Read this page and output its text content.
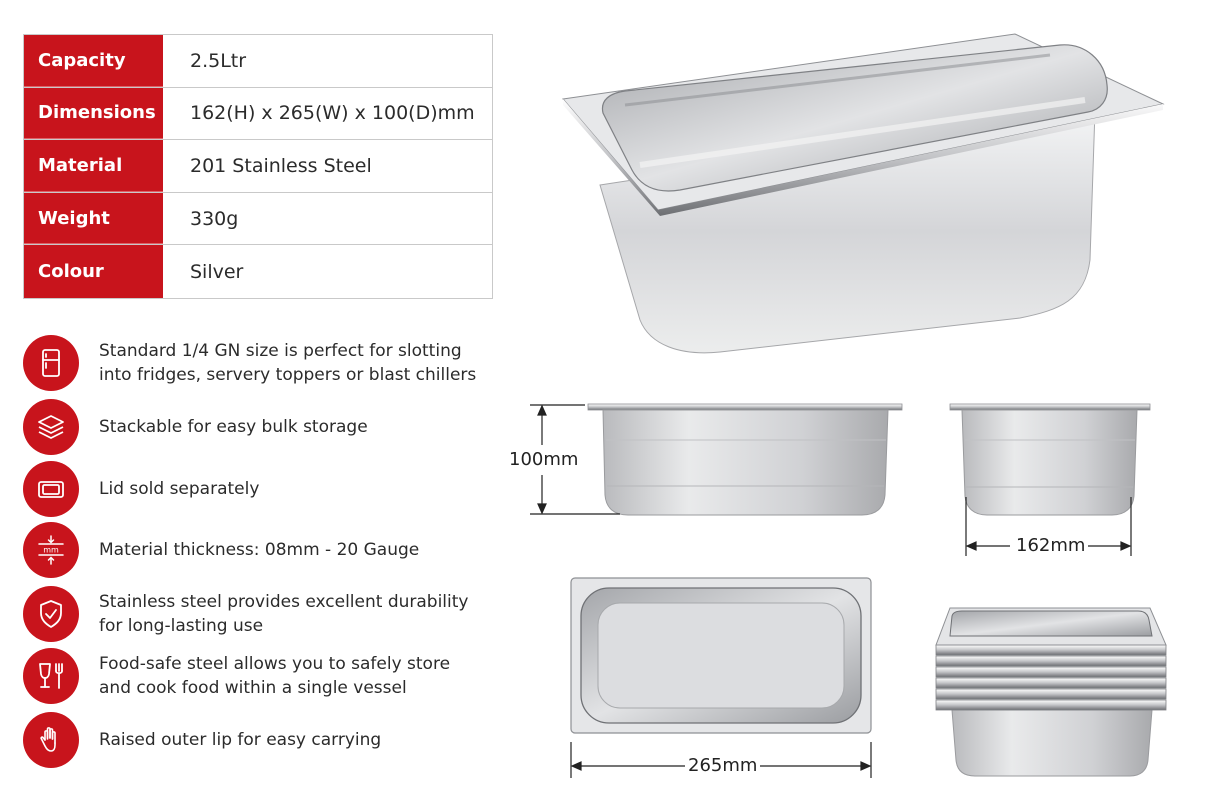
Capacity	2.5Ltr
Dimensions	162(H) x 265(W) x 100(D)mm
Material	201 Stainless Steel
Weight	330g
Colour	Silver
Standard 1/4 GN size is perfect for slotting
into fridges, servery toppers or blast chillers
Stackable for easy bulk storage
Lid sold separately
mm Material thickness: 08mm - 20 Gauge
Stainless steel provides excellent durability
for long-lasting use
Food-safe steel allows you to safely store
and cook food within a single vessel
Raised outer lip for easy carrying
100mm
162mm
265mm
